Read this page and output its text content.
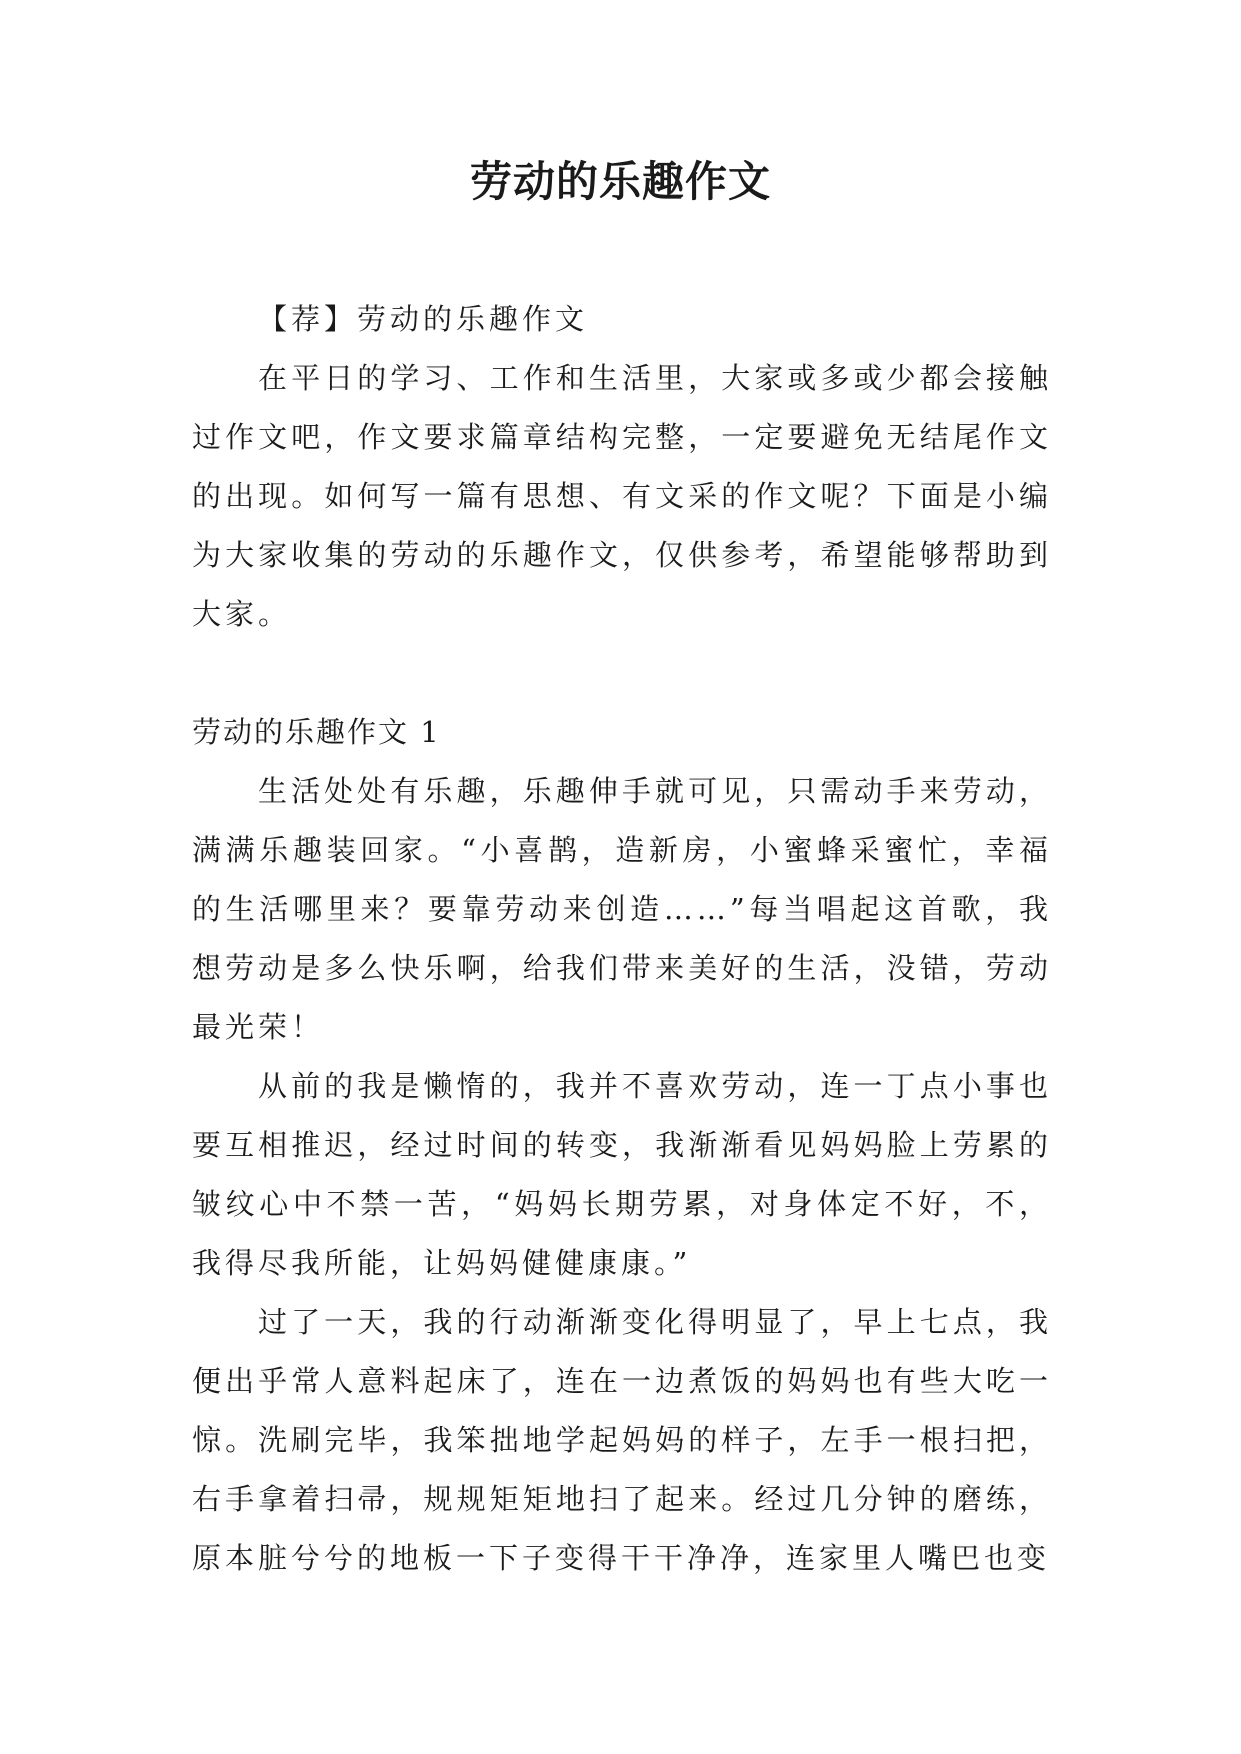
劳动的乐趣作文

【荐】劳动的乐趣作文

在平日的学习、工作和生活里，大家或多或少都会接触过作文吧，作文要求篇章结构完整，一定要避免无结尾作文的出现。如何写一篇有思想、有文采的作文呢？下面是小编为大家收集的劳动的乐趣作文，仅供参考，希望能够帮助到大家。

劳动的乐趣作文 1

生活处处有乐趣，乐趣伸手就可见，只需动手来劳动，满满乐趣装回家。“小喜鹊，造新房，小蜜蜂采蜜忙，幸福的生活哪里来？要靠劳动来创造……”每当唱起这首歌，我想劳动是多么快乐啊，给我们带来美好的生活，没错，劳动最光荣！

从前的我是懒惰的，我并不喜欢劳动，连一丁点小事也要互相推迟，经过时间的转变，我渐渐看见妈妈脸上劳累的皱纹心中不禁一苦，“妈妈长期劳累，对身体定不好，不，我得尽我所能，让妈妈健健康康。”

过了一天，我的行动渐渐变化得明显了，早上七点，我便出乎常人意料起床了，连在一边煮饭的妈妈也有些大吃一惊。洗刷完毕，我笨拙地学起妈妈的样子，左手一根扫把，右手拿着扫帚，规规矩矩地扫了起来。经过几分钟的磨练，原本脏兮兮的地板一下子变得干干净净，连家里人嘴巴也变
